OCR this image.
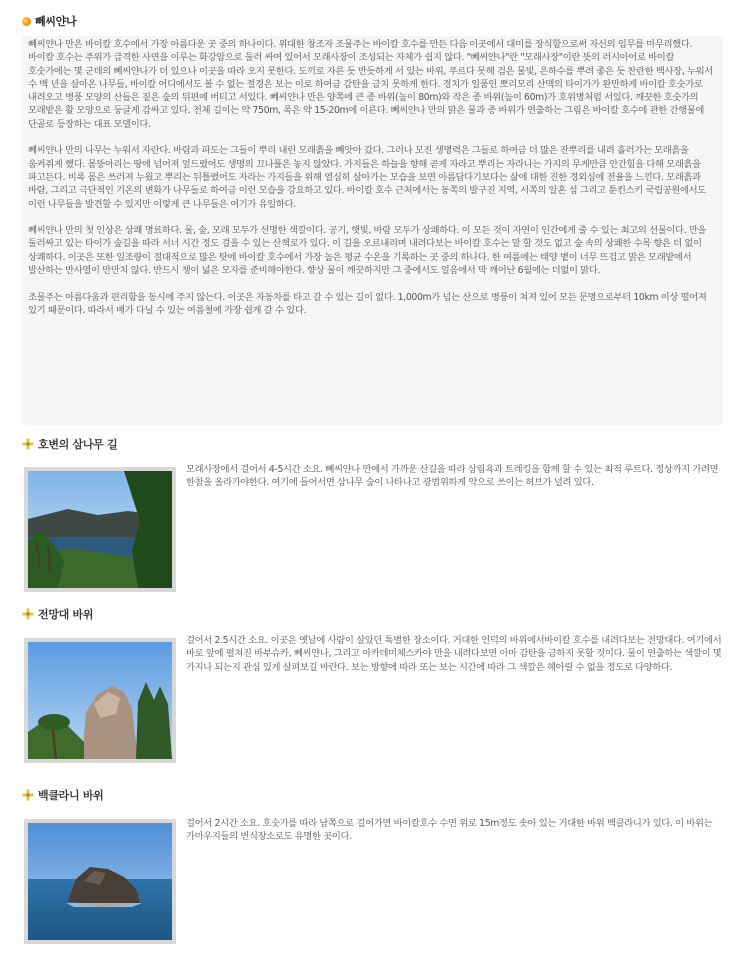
뻬씨얀나

뻬씨얀나 만은 바이칼 호수에서 가장 아름다운 곳 중의 하나이다. 위대한 창조자 조물주는 바이칼 호수를 만든 다음 이곳에서 대미를 장식함으로써 자신의 임무를 마무리했다. 바이칼 호수는 주위가 급격한 사면을 이루는 화강암으로 둘러 싸여 있어서 모래사장이 조성되는 자체가 쉽지 않다. "뻬씨얀나"란 "모래사장"이란 뜻의 러시아어로 바이칼 호숫가에는 몇 군데의 뻬씨얀나가 더 있으나 이곳을 따라 오지 못한다. 도끼로 자른 듯 반듯하게 서 있는 바위, 푸르다 못해 검은 물빛, 은하수를 뿌려 좋은 듯 찬란한 백사장, 누워서 수 백 년을 살아온 나무들, 바이칼 어디에서도 볼 수 없는 절경은 보는 이로 하여금 감탄을 금치 못하게 한다. 경치가 일품인 뽀리모리 산맥의 타이가가 완만하게 바이칼 호숫가로 내려오고 병풍 모양의 산들은 짙은 숲의 뒤편에 버티고 서있다. 뻬씨얀나 만은 양쪽에 큰 종 바위(높이 80m)와 작은 종 바위(높이 60m)가 호위병처럼 서있다. 깨끗한 호숫가의 모래밭은 활 모양으로 둥글게 감싸고 있다. 전체 길이는 약 750m, 폭은 약 15-20m에 이른다. 뻬씨얀나 만의 맑은 물과 종 바위가 연출하는 그림은 바이칼 호수에 관한 간행물에 단골로 등장하는 대표 모델이다.

뻬씨얀나 만의 나무는 누워서 자란다. 바람과 파도는 그들이 뿌리 내린 모래흙을 빼앗아 갔다. 그러나 모진 생명력은 그들로 하여금 더 많은 잔뿌리를 내려 흘러가는 모래흙을 움켜쥐게 했다. 몸뚱아리는 땅에 넘어져 엎드렸어도 생명의 끄나풀은 놓지 않았다. 가지들은 하늘을 향해 곧게 자라고 뿌리는 자라나는 가지의 무게만큼 안간힘을 다해 모래흙을 파고든다. 비록 몸은 쓰러져 누웠고 뿌리는 뒤틀렸어도 자라는 가지들을 위해 열심히 살아가는 모습을 보면 아름답다기보다는 삶에 대한 진한 경외심에 전율을 느낀다. 모래흙과 바람, 그리고 극단적인 기온의 변화가 나무들로 하여금 이런 모습을 강요하고 있다. 바이칼 호수 근처에서는 동쪽의 발구진 지역, 서쪽의 알혼 섬 그리고 툰킨스키 국립공원에서도 이런 나무들을 발견할 수 있지만 이렇게 큰 나무들은 여기가 유일하다.

뻬씨얀나 만의 첫 인상은 상쾌 명료하다. 물, 숲, 모래 모두가 선명한 색깔이다. 공기, 햇빛, 바람 모두가 상쾌하다. 이 모든 것이 자연이 인간에게 줄 수 있는 최고의 선물이다. 만을 둘러싸고 있는 타이가 숲길을 따라 서너 시간 정도 걸을 수 있는 산책로가 있다. 이 길을 오르내리며 내려다보는 바이칼 호수는 말 할 것도 없고 숲 속의 상쾌한 수목 향은 더 없이 상쾌하다. 이곳은 또한 일조량이 절대적으로 많은 탓에 바이칼 호수에서 가장 높은 평균 수온을 기록하는 곳 중의 하나다. 한 여름에는 태양 볕이 너무 뜨겁고 맑은 모래밭에서 발산하는 반사열이 만만치 않다. 반드시 챙이 넓은 모자를 준비해야한다. 향상 물이 깨끗하지만 그 중에서도 얼음에서 막 깨어난 6월에는 더없이 맑다.

조물주는 아름다움과 편리함을 동시에 주지 않는다. 이곳은 자동차를 타고 갈 수 있는 길이 없다. 1,000m가 넘는 산으로 병풍이 쳐져 있어 모든 문명으로부터 10km 이상 떨어져 있기 때문이다. 따라서 배가 다닐 수 있는 여름철에 가장 쉽게 갈 수 있다.

호변의 삼나무 길
모래사장에서 걸어서 4-5시간 소요. 뻬씨얀나 만에서 가까운 산길을 따라 삼림욕과 트레킹을 함께 할 수 있는 최적 루트다. 정상까지 가려면 한참을 올라가야한다. 여기에 들어서면 삼나무 숲이 나타나고 광범위하게 약으로 쓰이는 허브가 널려 있다.
전망대 바위
걸어서 2.5시간 소요. 이곳은 옛날에 사람이 살았던 특별한 장소이다. 거대한 언덕의 바위에서바이칼 호수를 내려다보는 전망대다. 여기에서 바로 앞에 펼쳐진 바부슈카, 뻬씨얀나, 그리고 아카데미체스카야 만을 내려다보면 아마 감탄을 금하지 못할 것이다. 물이 연출하는 색깔이 몇 가지나 되는지 관심 있게 살펴보길 바란다. 보는 방향에 따라 또는 보는 시간에 따라 그 색깔은 헤아릴 수 없을 정도로 다양하다.
백클라니 바위
걸어서 2시간 소요. 호숫가를 따라 남쪽으로 걸어가면 바이칼호수 수면 위로 15m정도 솟아 있는 거대한 바위 백클라니가 있다. 이 바위는 가마우지들의 번식장소로도 유명한 곳이다.
